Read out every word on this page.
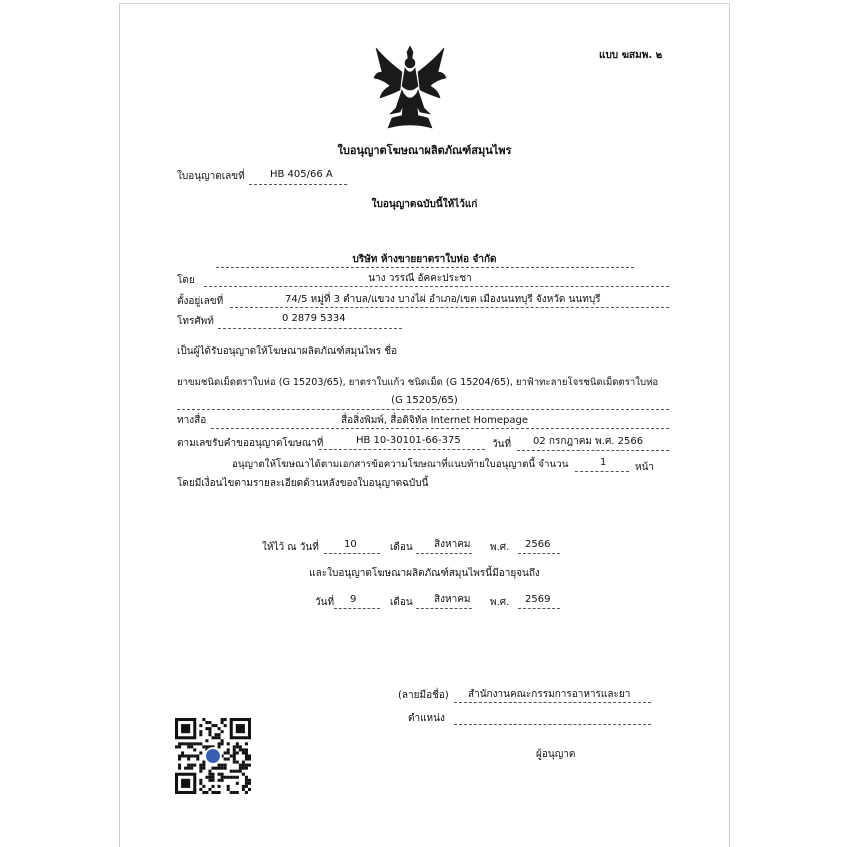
แบบ ฆสมพ. ๒
ใบอนุญาตโฆษณาผลิตภัณฑ์สมุนไพร
ใบอนุญาตเลขที่	HB 405/66 A
ใบอนุญาตฉบับนี้ให้ไว้แก่
บริษัท ห้างขายยาตราใบห่อ จำกัด
โดย	นาง วรรณี อัคคะประชา
ตั้งอยู่เลขที่	74/5 หมู่ที่ 3 ตำบล/แขวง บางไผ่ อำเภอ/เขต เมืองนนทบุรี จังหวัด นนทบุรี
โทรศัพท์	0 2879 5334
เป็นผู้ได้รับอนุญาตให้โฆษณาผลิตภัณฑ์สมุนไพร ชื่อ
ยาขมชนิดเม็ดตราใบห่อ (G 15203/65), ยาตราใบแก้ว ชนิดเม็ด (G 15204/65), ยาฟ้าทะลายโจรชนิดเม็ดตราใบห่อ
(G 15205/65)
ทางสื่อ	สื่อสิ่งพิมพ์, สื่อดิจิทัล Internet Homepage
ตามเลขรับคำขออนุญาตโฆษณาที่	HB 10-30101-66-375	วันที่ 02 กรกฎาคม พ.ศ. 2566
อนุญาตให้โฆษณาได้ตามเอกสารข้อความโฆษณาที่แนบท้ายใบอนุญาตนี้ จำนวน	1	หน้า
โดยมีเงื่อนไขตามรายละเอียดด้านหลังของใบอนุญาตฉบับนี้
ให้ไว้ ณ วันที่	10	เดือน สิงหาคม พ.ศ. 2566
และใบอนุญาตโฆษณาผลิตภัณฑ์สมุนไพรนี้มีอายุจนถึง
วันที่ 9	เดือน สิงหาคม พ.ศ. 2569
(ลายมือชื่อ) สำนักงานคณะกรรมการอาหารและยา
ตำแหน่ง
ผู้อนุญาต
